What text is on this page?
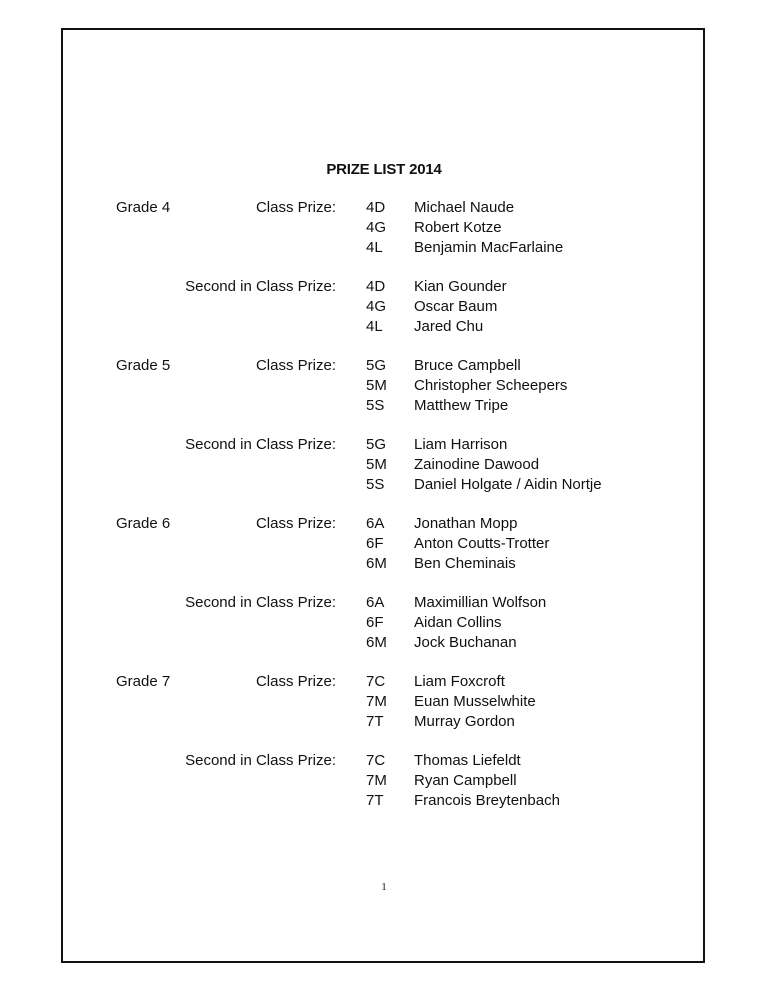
PRIZE LIST 2014
Grade 4	Class Prize: 4D Michael Naude
4G Robert Kotze
4L Benjamin MacFarlaine
Second in Class Prize: 4D Kian Gounder
4G Oscar Baum
4L Jared Chu
Grade 5	Class Prize: 5G Bruce Campbell
5M Christopher Scheepers
5S Matthew Tripe
Second in Class Prize: 5G Liam Harrison
5M Zainodine Dawood
5S Daniel Holgate / Aidin Nortje
Grade 6	Class Prize: 6A Jonathan Mopp
6F Anton Coutts-Trotter
6M Ben Cheminais
Second in Class Prize: 6A Maximillian Wolfson
6F Aidan Collins
6M Jock Buchanan
Grade 7	Class Prize: 7C Liam Foxcroft
7M Euan Musselwhite
7T Murray Gordon
Second in Class Prize: 7C Thomas Liefeldt
7M Ryan Campbell
7T Francois Breytenbach
1
